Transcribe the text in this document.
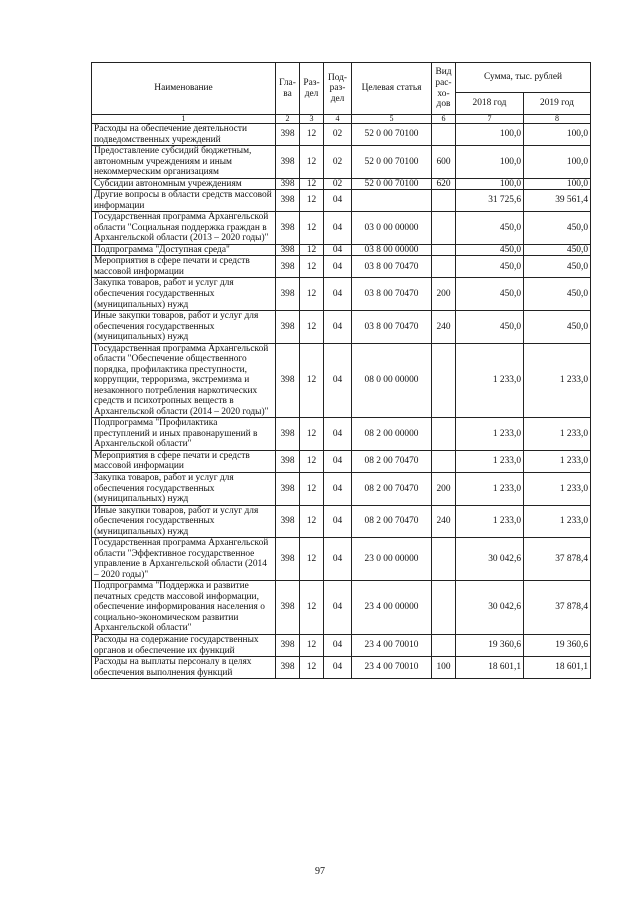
Наименование	Гла-ва	Раз-дел	Под-раз-дел	Целевая статья	Вид рас-хо-дов	Сумма, тыс. рублей	
						2018 год	2019 год
1	2	3	4	5	6	7	8
Расходы на обеспечение деятельности подведомственных учреждений	398	12	02	52 0 00 70100		100,0	100,0
Предоставление субсидий бюджетным, автономным учреждениям и иным некоммерческим организациям	398	12	02	52 0 00 70100	600	100,0	100,0
Субсидии автономным учреждениям	398	12	02	52 0 00 70100	620	100,0	100,0
Другие вопросы в области средств массовой информации	398	12	04			31 725,6	39 561,4
Государственная программа Архангельской области "Социальная поддержка граждан в Архангельской области (2013 – 2020 годы)"	398	12	04	03 0 00 00000		450,0	450,0
Подпрограмма "Доступная среда"	398	12	04	03 8 00 00000		450,0	450,0
Мероприятия в сфере печати и средств массовой информации	398	12	04	03 8 00 70470		450,0	450,0
Закупка товаров, работ и услуг для обеспечения государственных (муниципальных) нужд	398	12	04	03 8 00 70470	200	450,0	450,0
Иные закупки товаров, работ и услуг для обеспечения государственных (муниципальных) нужд	398	12	04	03 8 00 70470	240	450,0	450,0
Государственная программа Архангельской области "Обеспечение общественного порядка, профилактика преступности, коррупции, терроризма, экстремизма и незаконного потребления наркотических средств и психотропных веществ в Архангельской области (2014 – 2020 годы)"	398	12	04	08 0 00 00000		1 233,0	1 233,0
Подпрограмма "Профилактика преступлений и иных правонарушений в Архангельской области"	398	12	04	08 2 00 00000		1 233,0	1 233,0
Мероприятия в сфере печати и средств массовой информации	398	12	04	08 2 00 70470		1 233,0	1 233,0
Закупка товаров, работ и услуг для обеспечения государственных (муниципальных) нужд	398	12	04	08 2 00 70470	200	1 233,0	1 233,0
Иные закупки товаров, работ и услуг для обеспечения государственных (муниципальных) нужд	398	12	04	08 2 00 70470	240	1 233,0	1 233,0
Государственная программа Архангельской области "Эффективное государственное управление в Архангельской области (2014 – 2020 годы)"	398	12	04	23 0 00 00000		30 042,6	37 878,4
Подпрограмма "Поддержка и развитие печатных средств массовой информации, обеспечение информирования населения о социально-экономическом развитии Архангельской области"	398	12	04	23 4 00 00000		30 042,6	37 878,4
Расходы на содержание государственных органов и обеспечение их функций	398	12	04	23 4 00 70010		19 360,6	19 360,6
Расходы на выплаты персоналу в целях обеспечения выполнения функций	398	12	04	23 4 00 70010	100	18 601,1	18 601,1
97
